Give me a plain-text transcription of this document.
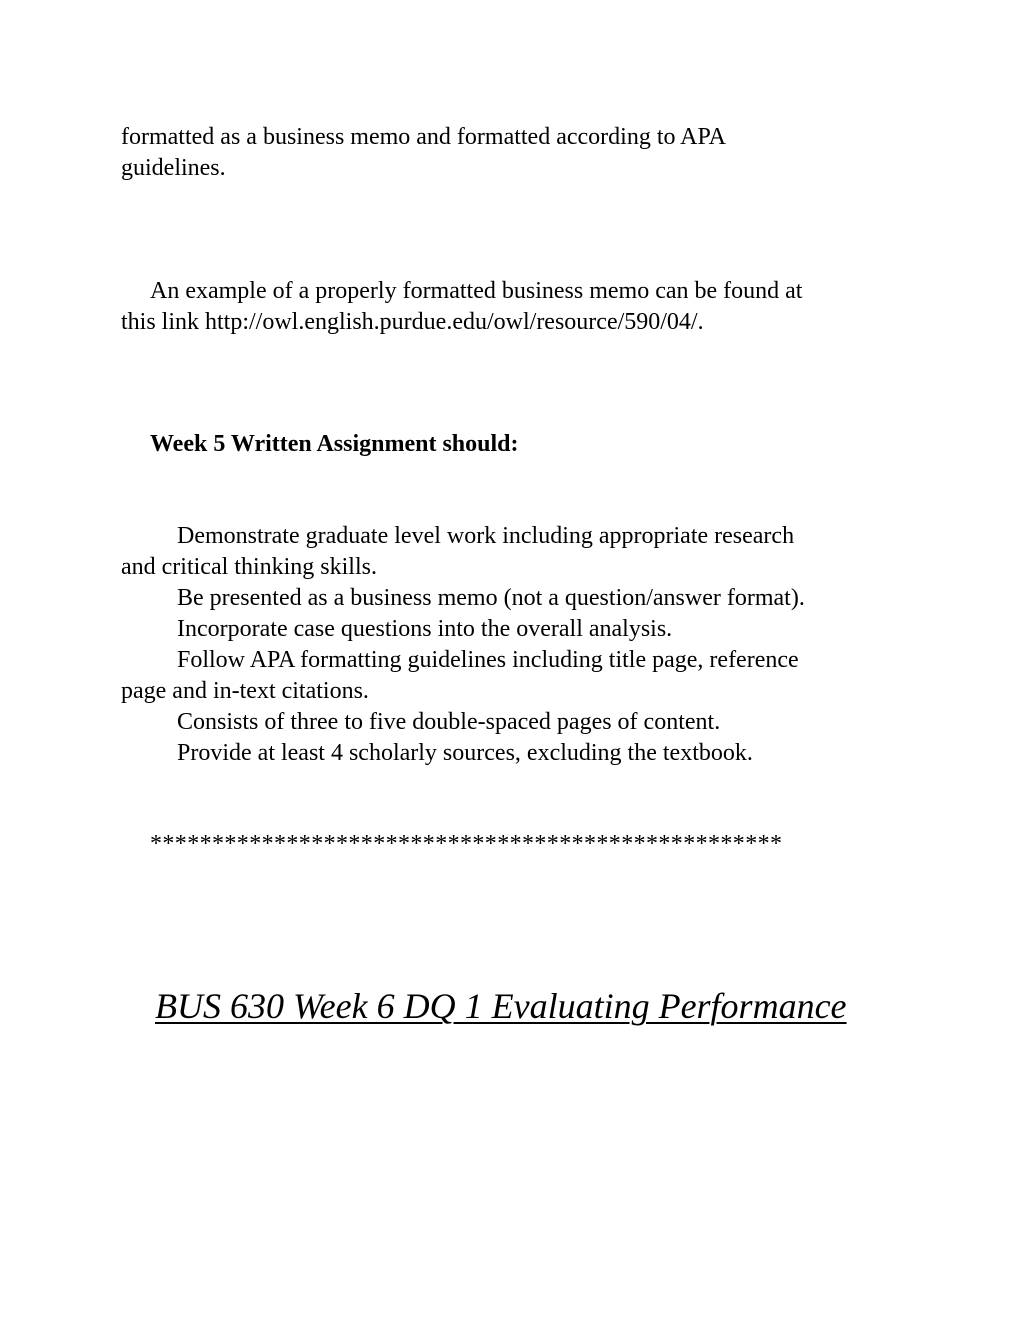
formatted as a business memo and formatted according to APA

guidelines.

An example of a properly formatted business memo can be found at

this link http://owl.english.purdue.edu/owl/resource/590/04/.

Week 5 Written Assignment should:

Demonstrate graduate level work including appropriate research

and critical thinking skills.

Be presented as a business memo (not a question/answer format).

Incorporate case questions into the overall analysis.

Follow APA formatting guidelines including title page, reference

page and in-text citations.

Consists of three to five double-spaced pages of content.

Provide at least 4 scholarly sources, excluding the textbook.

***************************************************

BUS 630 Week 6 DQ 1 Evaluating Performance
